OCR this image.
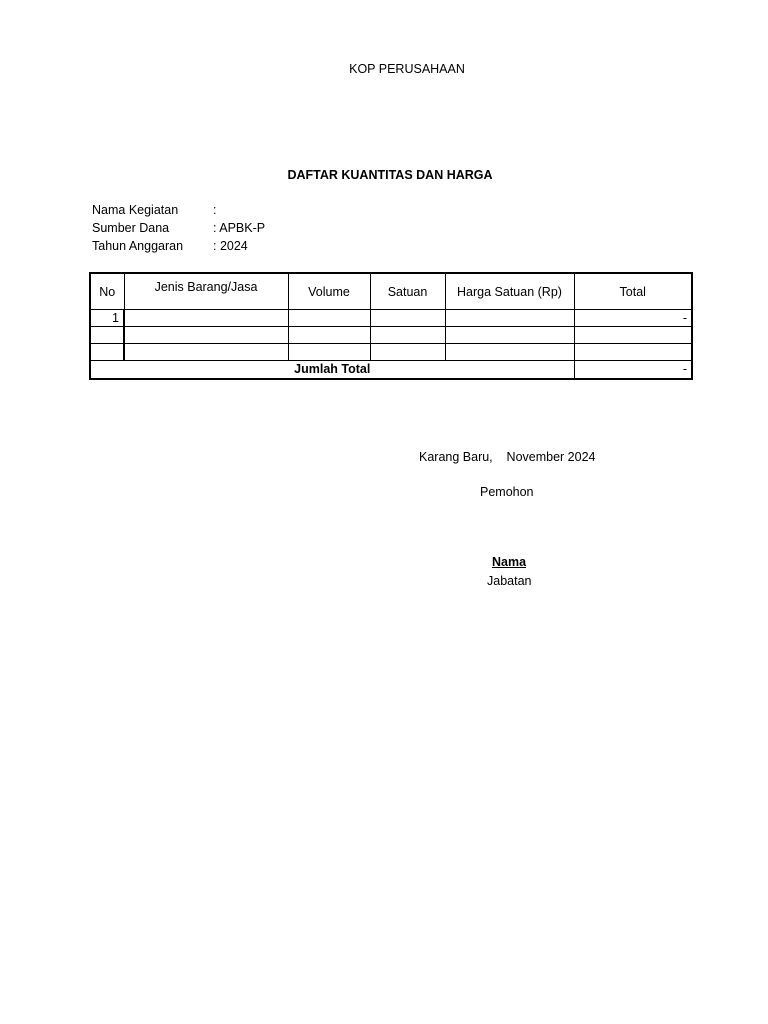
KOP PERUSAHAAN
DAFTAR KUANTITAS DAN HARGA
Nama Kegiatan	:
Sumber Dana	: APBK-P
Tahun Anggaran : 2024
No	Jenis Barang/Jasa	Volume	Satuan	Harga Satuan (Rp)	Total
1					-

Jumlah Total					-
Karang Baru,    November 2024
Pemohon
Nama
Jabatan
